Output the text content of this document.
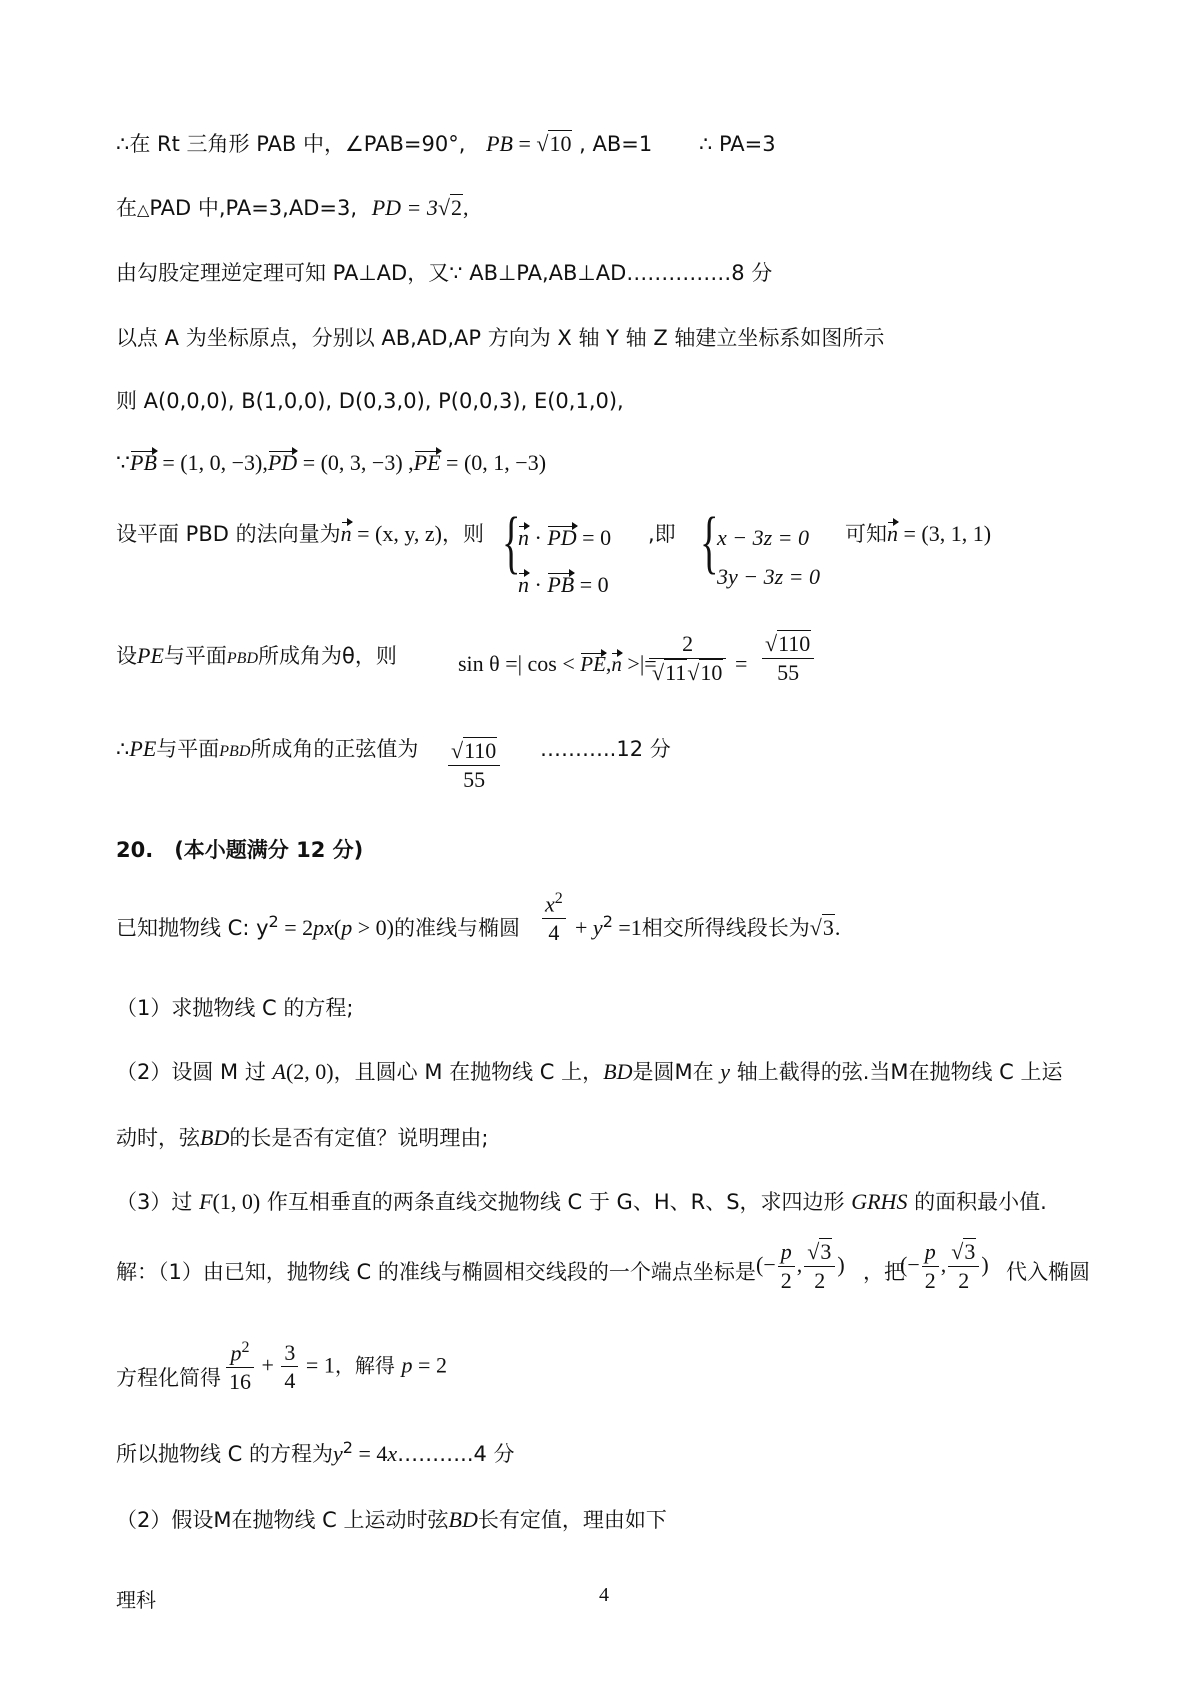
∴在 Rt 三角形 PAB 中，∠PAB=90°, PB = √10 , AB=1 ∴ PA=3
在△PAD 中,PA=3,AD=3, PD = 3√2,
由勾股定理逆定理可知 PA⊥AD，又∵ AB⊥PA,AB⊥AD……………8 分
以点 A 为坐标原点，分别以 AB,AD,AP 方向为 X 轴 Y 轴 Z 轴建立坐标系如图所示
则 A(0,0,0), B(1,0,0), D(0,3,0), P(0,0,3), E(0,1,0),
∵PB = (1, 0, −3),PD = (0, 3, −3) ,PE = (0, 1, −3)
设平面 PBD 的法向量为n = (x, y, z)，则 {
n · PD = 0
n · PB = 0
,即 {
x − 3z = 0
3y − 3z = 0
可知n = (3, 1, 1)
设PE与平面PBD所成角为θ，则	sin θ =| cos < PE,n >|=
$\frac{2}{√11√10} = \frac{√110}{55}$
∴PE与平面PBD所成角的正弦值为 $\frac{√110}{55}$ ………..12 分
20.　(本小题满分 12 分)
已知抛物线 C: $y^2 = 2px(p > 0)$的准线与椭圆 $\frac{x^2}{4} + y^2 =1$相交所得线段长为√3.
（1）求抛物线 C 的方程;
（2）设圆 M 过 A(2, 0)，且圆心 M 在抛物线 C 上，BD是圆M在 y 轴上截得的弦.当M在抛物线 C 上运
动时，弦BD的长是否有定值？说明理由;
（3）过 F(1, 0) 作互相垂直的两条直线交抛物线 C 于 G、H、R、S，求四边形 GRHS 的面积最小值.
解：（1）由已知，抛物线 C 的准线与椭圆相交线段的一个端点坐标是 (− $\frac{p}{2}$ , $\frac{√3}{2}$ ) ，把
(− $\frac{p}{2}$ , $\frac{√3}{2}$ ) 代入椭圆
方程化简得 $\frac{p^2}{16} + \frac{3}{4} = 1$，解得 p = 2
所以抛物线 C 的方程为$y^2$ = 4x………..4 分
（2）假设M在抛物线 C 上运动时弦BD长有定值，理由如下
理科	4
